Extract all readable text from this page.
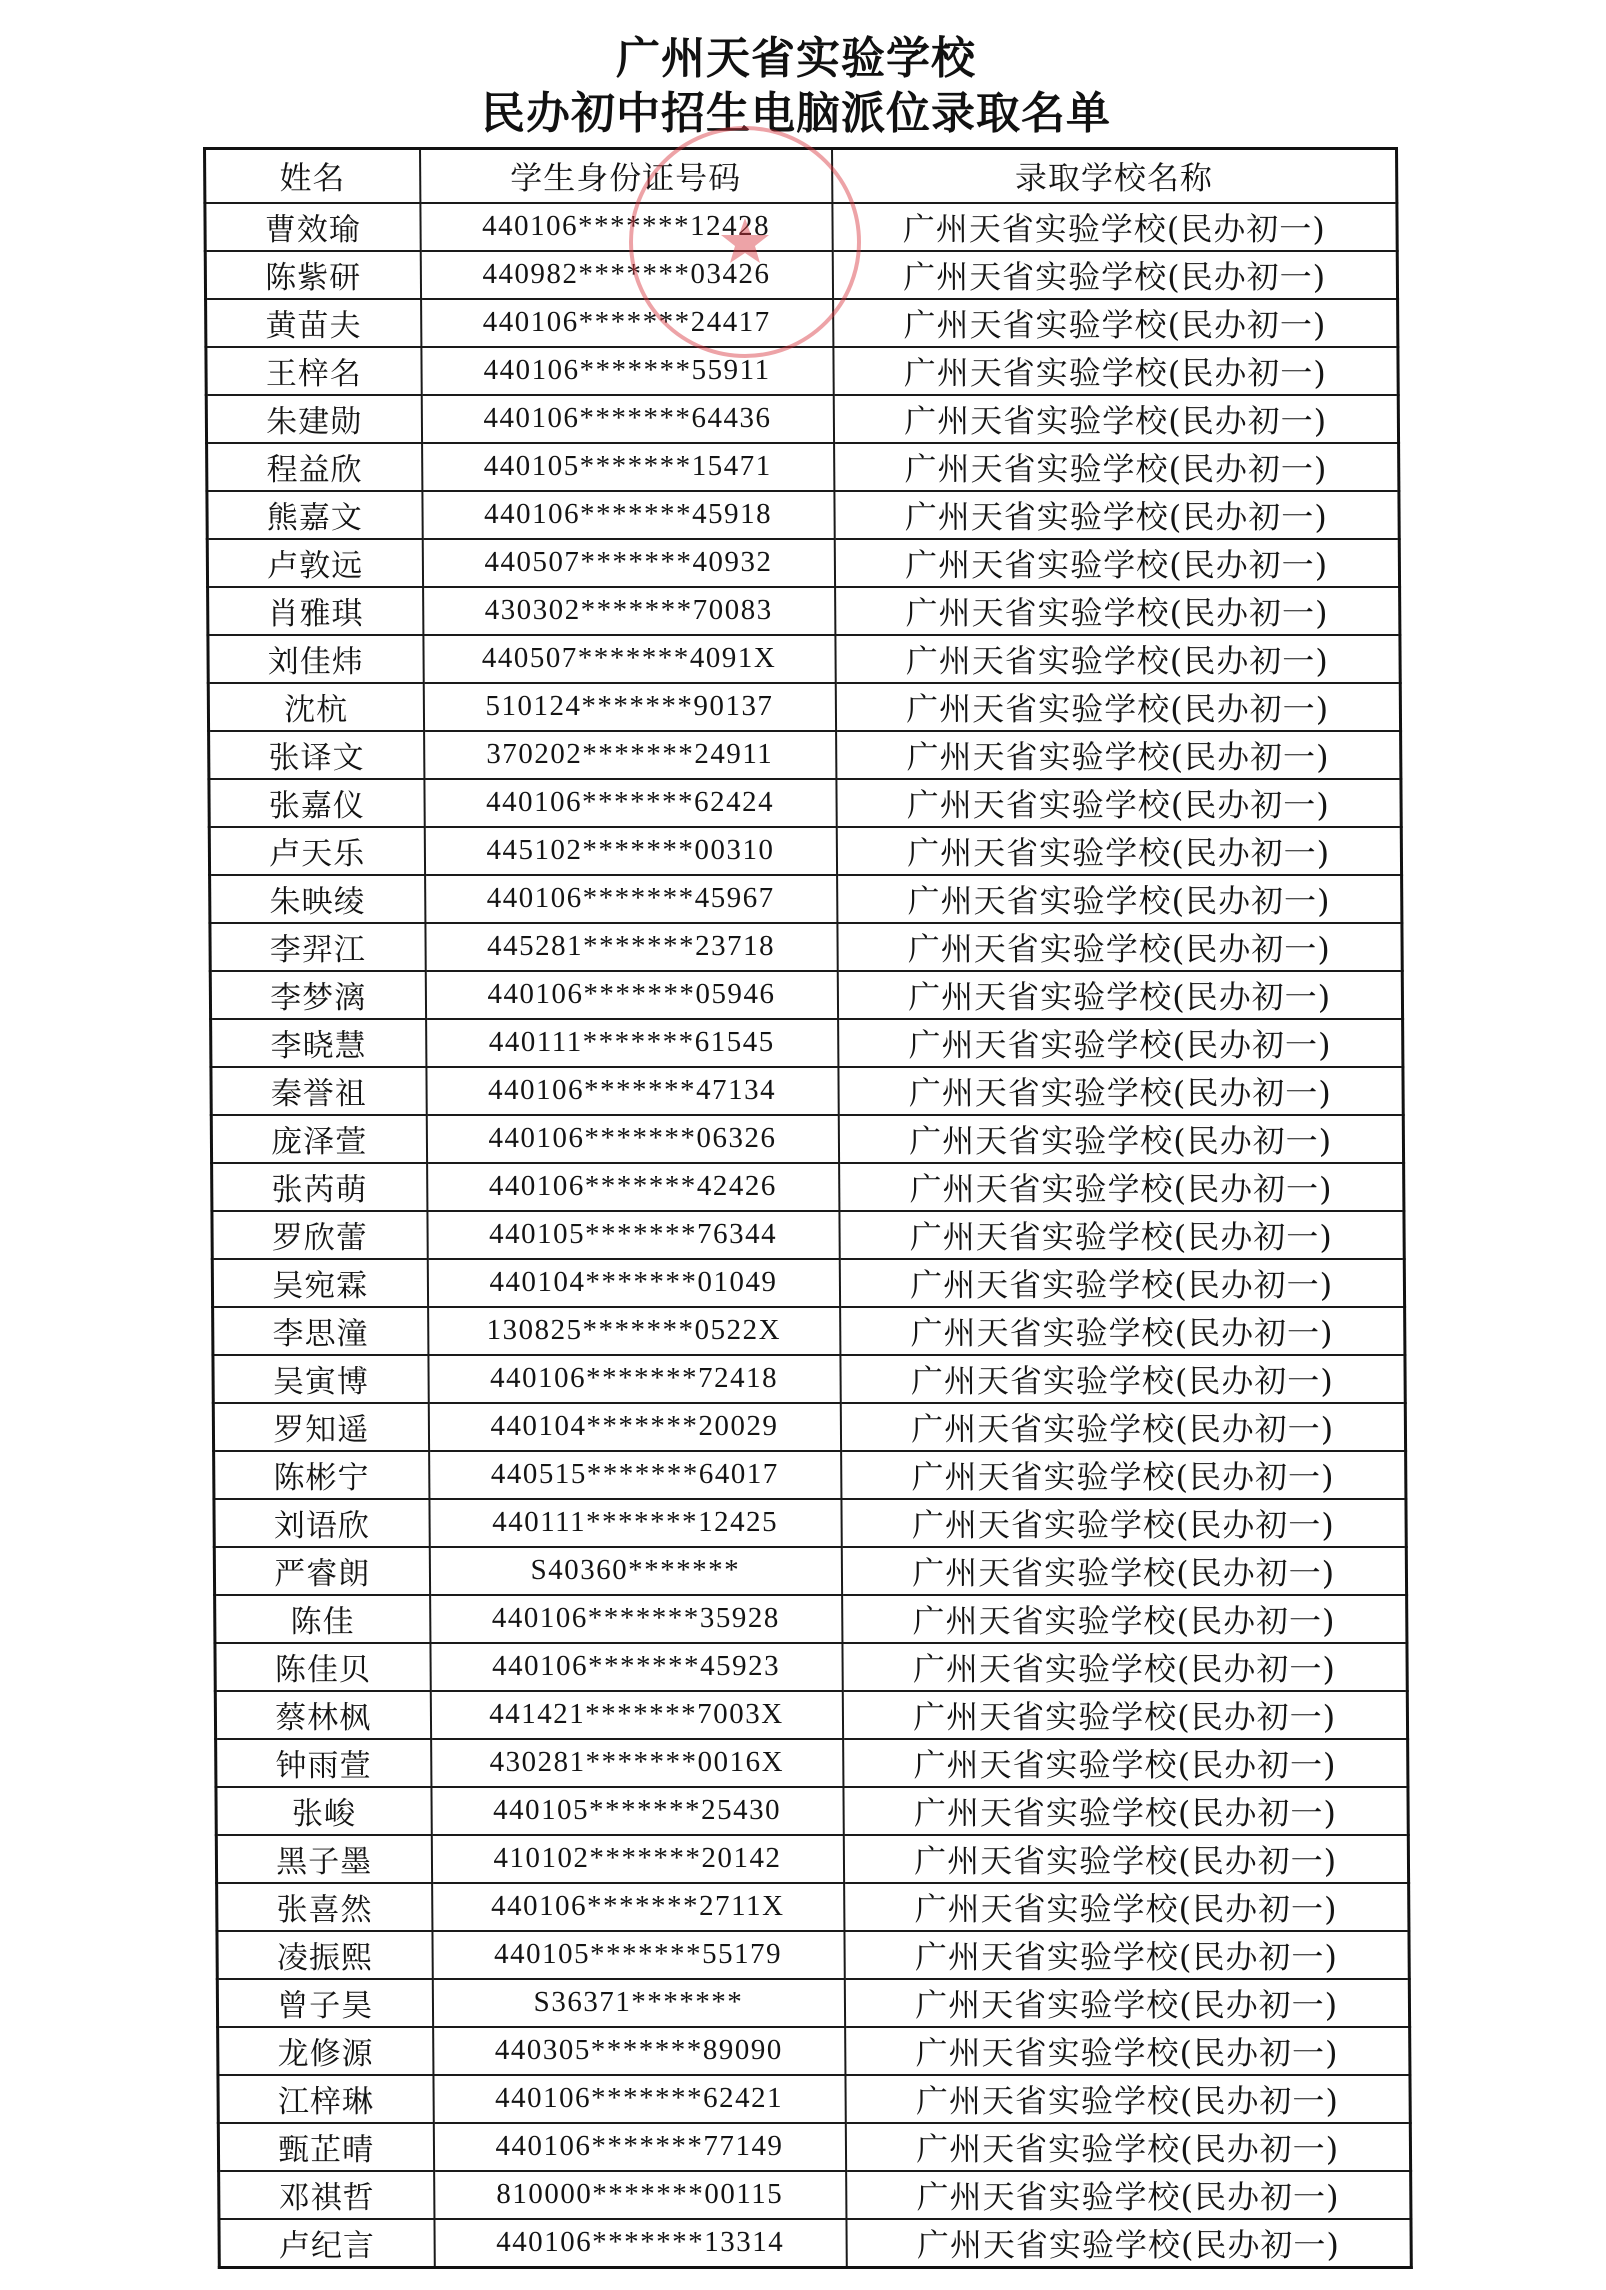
广州天省实验学校
民办初中招生电脑派位录取名单
姓名	学生身份证号码	录取学校名称
曹效瑜	440106*******12428	广州天省实验学校(民办初一)
陈紫研	440982*******03426	广州天省实验学校(民办初一)
黄苗夫	440106*******24417	广州天省实验学校(民办初一)
王梓名	440106*******55911	广州天省实验学校(民办初一)
朱建勋	440106*******64436	广州天省实验学校(民办初一)
程益欣	440105*******15471	广州天省实验学校(民办初一)
熊嘉文	440106*******45918	广州天省实验学校(民办初一)
卢敦远	440507*******40932	广州天省实验学校(民办初一)
肖雅琪	430302*******70083	广州天省实验学校(民办初一)
刘佳炜	440507*******4091X	广州天省实验学校(民办初一)
沈杭	510124*******90137	广州天省实验学校(民办初一)
张译文	370202*******24911	广州天省实验学校(民办初一)
张嘉仪	440106*******62424	广州天省实验学校(民办初一)
卢天乐	445102*******00310	广州天省实验学校(民办初一)
朱映绫	440106*******45967	广州天省实验学校(民办初一)
李羿江	445281*******23718	广州天省实验学校(民办初一)
李梦漓	440106*******05946	广州天省实验学校(民办初一)
李晓慧	440111*******61545	广州天省实验学校(民办初一)
秦誉祖	440106*******47134	广州天省实验学校(民办初一)
庞泽萱	440106*******06326	广州天省实验学校(民办初一)
张芮萌	440106*******42426	广州天省实验学校(民办初一)
罗欣蕾	440105*******76344	广州天省实验学校(民办初一)
吴宛霖	440104*******01049	广州天省实验学校(民办初一)
李思潼	130825*******0522X	广州天省实验学校(民办初一)
吴寅博	440106*******72418	广州天省实验学校(民办初一)
罗知遥	440104*******20029	广州天省实验学校(民办初一)
陈彬宁	440515*******64017	广州天省实验学校(民办初一)
刘语欣	440111*******12425	广州天省实验学校(民办初一)
严睿朗	S40360*******	广州天省实验学校(民办初一)
陈佳	440106*******35928	广州天省实验学校(民办初一)
陈佳贝	440106*******45923	广州天省实验学校(民办初一)
蔡林枫	441421*******7003X	广州天省实验学校(民办初一)
钟雨萱	430281*******0016X	广州天省实验学校(民办初一)
张峻	440105*******25430	广州天省实验学校(民办初一)
黑子墨	410102*******20142	广州天省实验学校(民办初一)
张喜然	440106*******2711X	广州天省实验学校(民办初一)
凌振熙	440105*******55179	广州天省实验学校(民办初一)
曾子昊	S36371*******	广州天省实验学校(民办初一)
龙修源	440305*******89090	广州天省实验学校(民办初一)
江梓琳	440106*******62421	广州天省实验学校(民办初一)
甄芷晴	440106*******77149	广州天省实验学校(民办初一)
邓祺哲	810000*******00115	广州天省实验学校(民办初一)
卢纪言	440106*******13314	广州天省实验学校(民办初一)
